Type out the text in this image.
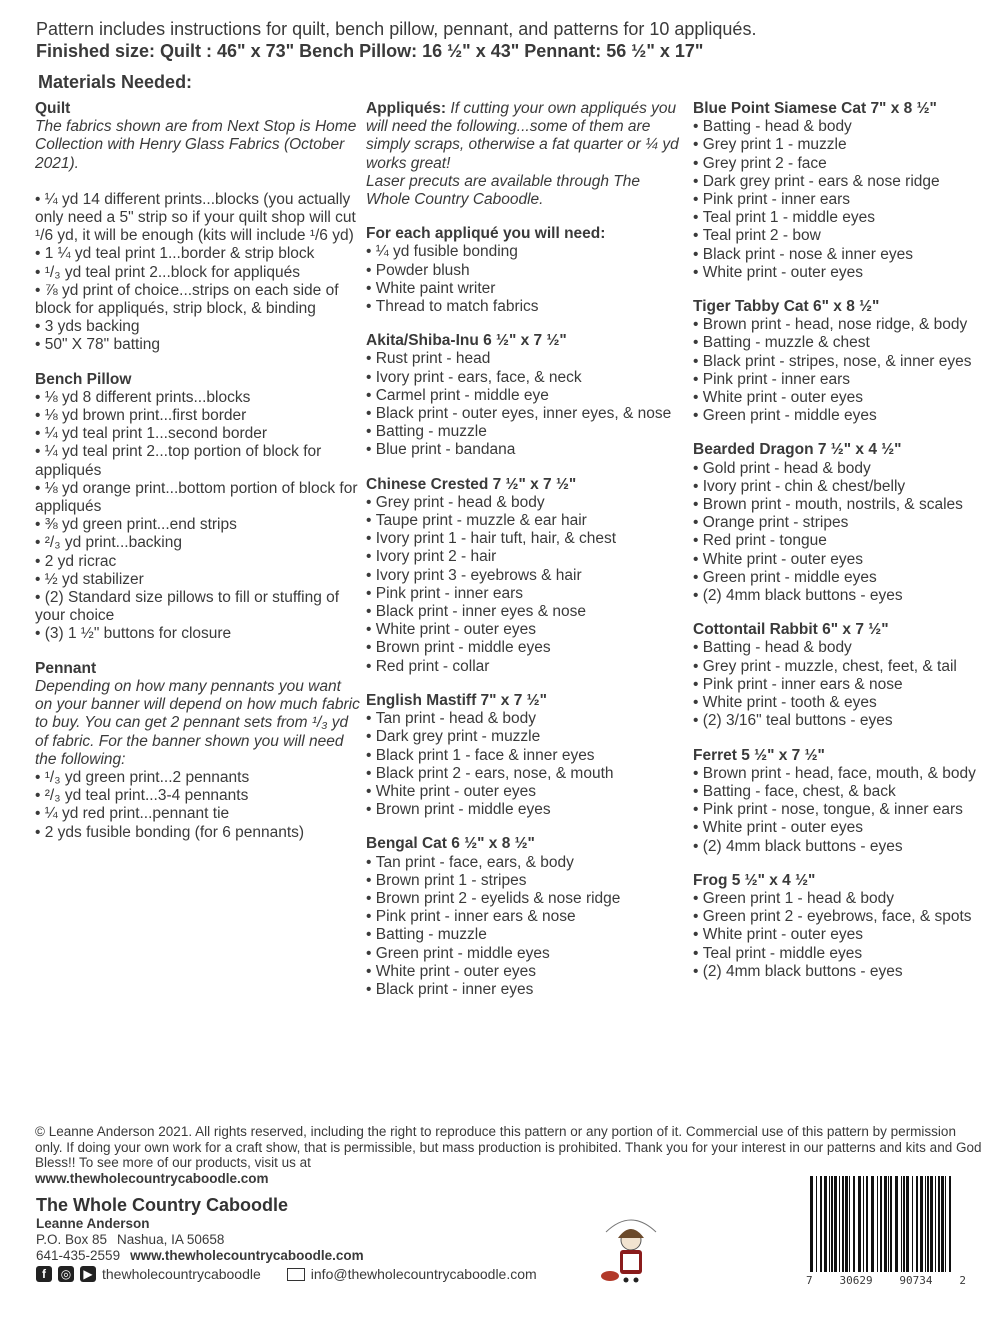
Pattern includes instructions for quilt, bench pillow, pennant, and patterns for 10 appliqués.
Finished size: Quilt : 46" x 73" Bench Pillow: 16 ½" x 43" Pennant: 56 ½" x 17"
Materials Needed:
Quilt
The fabrics shown are from Next Stop is Home Collection with Henry Glass Fabrics (October 2021).
• ¼ yd 14 different prints...blocks (you actually only need a 5" strip so if your quilt shop will cut ¹/6 yd, it will be enough (kits will include ¹/6 yd)
• 1 ¼ yd teal print 1...border & strip block
• ¹/₃ yd teal print 2...block for appliqués
• ⅞ yd print of choice...strips on each side of block for appliqués, strip block, & binding
• 3 yds backing
• 50" X 78" batting
Bench Pillow
• ⅛ yd 8 different prints...blocks
• ⅛ yd brown print...first border
• ¼ yd teal print 1...second border
• ¼ yd teal print 2...top portion of block for appliqués
• ⅛ yd orange print...bottom portion of block for appliqués
• ⅜ yd green print...end strips
• ²/₃ yd print...backing
• 2 yd ricrac
• ½ yd stabilizer
• (2) Standard size pillows to fill or stuffing of your choice
• (3) 1 ½" buttons for closure
Pennant
Depending on how many pennants you want on your banner will depend on how much fabric to buy. You can get 2 pennant sets from ¹/₃ yd of fabric. For the banner shown you will need the following:
• ¹/₃ yd green print...2 pennants
• ²/₃ yd teal print...3-4 pennants
• ¼ yd red print...pennant tie
• 2 yds fusible bonding (for 6 pennants)
Appliqués: If cutting your own appliqués you will need the following...some of them are simply scraps, otherwise a fat quarter or ¼ yd works great!
Laser precuts are available through The Whole Country Caboodle.
For each appliqué you will need:
• ¼ yd fusible bonding
• Powder blush
• White paint writer
• Thread to match fabrics
Akita/Shiba-Inu 6 ½" x 7 ½"
• Rust print - head
• Ivory print - ears, face, & neck
• Carmel print - middle eye
• Black print - outer eyes, inner eyes, & nose
• Batting - muzzle
• Blue print - bandana
Chinese Crested 7 ½" x 7 ½"
• Grey print - head & body
• Taupe print - muzzle & ear hair
• Ivory print 1 - hair tuft, hair, & chest
• Ivory print 2 - hair
• Ivory print 3 - eyebrows & hair
• Pink print - inner ears
• Black print - inner eyes & nose
• White print - outer eyes
• Brown print - middle eyes
• Red print - collar
English Mastiff 7" x 7 ½"
• Tan print - head & body
• Dark grey print - muzzle
• Black print 1 - face & inner eyes
• Black print 2 - ears, nose, & mouth
• White print - outer eyes
• Brown print - middle eyes
Bengal Cat 6 ½" x 8 ½"
• Tan print - face, ears, & body
• Brown print 1 - stripes
• Brown print 2 - eyelids & nose ridge
• Pink print - inner ears & nose
• Batting - muzzle
• Green print - middle eyes
• White print - outer eyes
• Black print - inner eyes
Blue Point Siamese Cat 7" x 8 ½"
• Batting - head & body
• Grey print 1 - muzzle
• Grey print 2 - face
• Dark grey print - ears & nose ridge
• Pink print - inner ears
• Teal print 1 - middle eyes
• Teal print 2 - bow
• Black print - nose & inner eyes
• White print - outer eyes
Tiger Tabby Cat 6" x 8 ½"
• Brown print - head, nose ridge, & body
• Batting - muzzle & chest
• Black print - stripes, nose, & inner eyes
• Pink print - inner ears
• White print - outer eyes
• Green print - middle eyes
Bearded Dragon 7 ½" x 4 ½"
• Gold print - head & body
• Ivory print - chin & chest/belly
• Brown print - mouth, nostrils, & scales
• Orange print - stripes
• Red print - tongue
• White print - outer eyes
• Green print - middle eyes
• (2) 4mm black buttons - eyes
Cottontail Rabbit 6" x 7 ½"
• Batting - head & body
• Grey print - muzzle, chest, feet, & tail
• Pink print - inner ears & nose
• White print - tooth & eyes
• (2) 3/16" teal buttons - eyes
Ferret 5 ½" x 7 ½"
• Brown print - head, face, mouth, & body
• Batting - face, chest, & back
• Pink print - nose, tongue, & inner ears
• White print - outer eyes
• (2) 4mm black buttons - eyes
Frog 5 ½" x 4 ½"
• Green print 1 - head & body
• Green print 2 - eyebrows, face, & spots
• White print - outer eyes
• Teal print - middle eyes
• (2) 4mm black buttons - eyes
© Leanne Anderson 2021. All rights reserved, including the right to reproduce this pattern or any portion of it. Commercial use of this pattern by permission only. If doing your own work for a craft show, that is permissible, but mass production is prohibited. Thank you for your interest in our patterns and kits and God Bless!! To see more of our products, visit us at
www.thewholecountrycaboodle.com
The Whole Country Caboodle
Leanne Anderson
P.O. Box 85 Nashua, IA 50658
641-435-2559 www.thewholecountrycaboodle.com
f	◎ ▶ thewholecountrycaboodle	info@thewholecountrycaboodle.com	7 30629 90734 2
